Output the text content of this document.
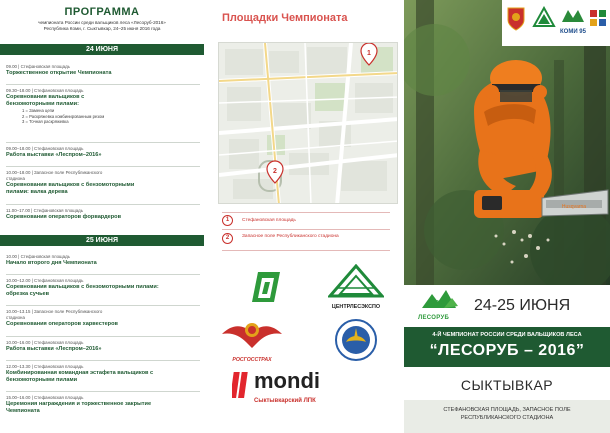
ПРОГРАММА
чемпионата России среди вальщиков леса «Лесоруб-2016»
Республика Коми, г. Сыктывкар, 24–25 июня 2016 года
24 ИЮНЯ
09.00 | Стефановская площадь
Торжественное открытие Чемпионата
09.30–18.00 | Стефановская площадь
Соревнования вальщиков с бензомоторными пилами:
1 = Замена цепи
2 = Раскряжевка комбинированным резом
3 = Точная раскряжевка
09.00–18.00 | Стефановская площадь
Работа выставки «Леспром–2016»
10.00–18.00 | Запасное поле Республиканского стадиона
Соревнования вальщиков с бензомоторными пилами: валка дерева
11.00–17.00 | Стефановская площадь
Соревнования операторов форвардеров
25 ИЮНЯ
10.00 | Стефановская площадь
Начало второго дня Чемпионата
10.00–12.00 | Стефановская площадь
Соревнования вальщиков с бензомоторными пилами: обрезка сучьев
10.00–13.15 | Запасное поле Республиканского стадиона
Соревнования операторов харвестеров
10.00–16.00 | Стефановская площадь
Работа выставки «Леспром–2016»
12.00–13.30 | Стефановская площадь
Комбинированная командная эстафета вальщиков с бензомоторными пилами
15.00–16.00 | Стефановская площадь
Церемония награждения и торжественное закрытие Чемпионата
Площадки Чемпионата
1
2
1	Стефановская площадь
2	Запасное поле Республиканского стадиона
ЦЕНТРЛЕСЭКСПО
РОСГОССТРАХ
mondi
Сыктывкарский ЛПК
Husqvarna
КОМИ 95
2016
ЛЕСОРУБ
24-25 ИЮНЯ
4-Й ЧЕМПИОНАТ РОССИИ СРЕДИ ВАЛЬЩИКОВ ЛЕСА
“ЛЕСОРУБ – 2016”
СЫКТЫВКАР
СТЕФАНОВСКАЯ ПЛОЩАДЬ, ЗАПАСНОЕ ПОЛЕ
РЕСПУБЛИКАНСКОГО СТАДИОНА
